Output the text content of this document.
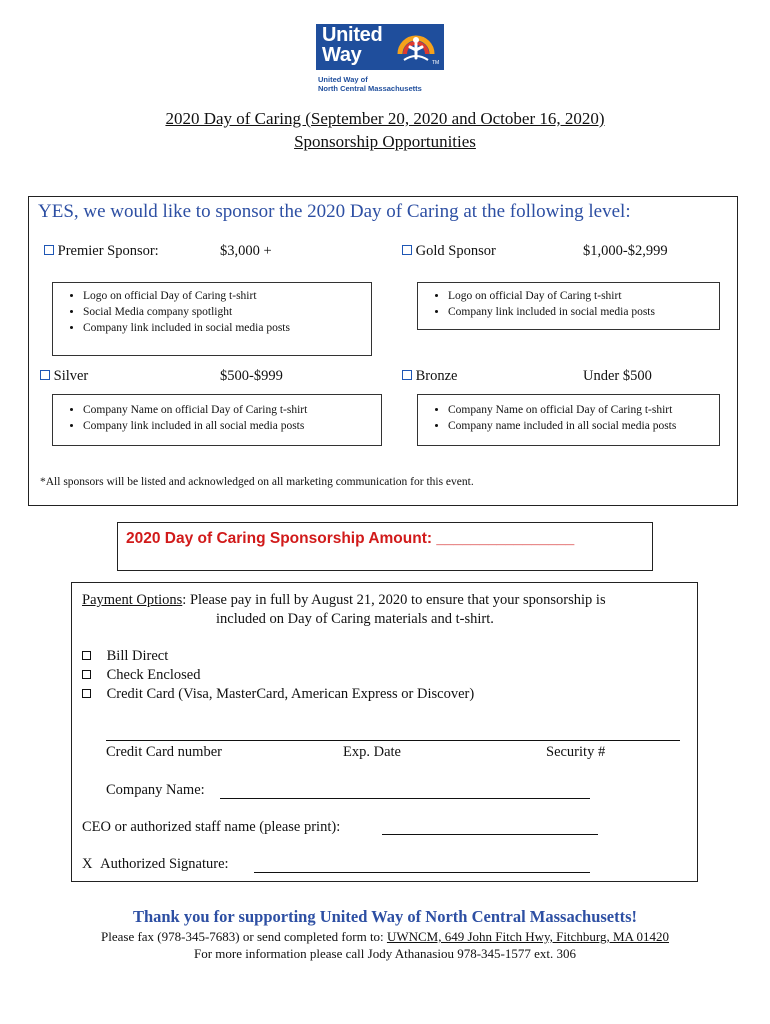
United
Way	TM
United Way of
North Central Massachusetts
2020 Day of Caring (September 20, 2020 and October 16, 2020)
Sponsorship Opportunities
YES, we would like to sponsor the 2020 Day of Caring at the following level:
Premier Sponsor:	$3,000 +
• Logo on official Day of Caring t-shirt
• Social Media company spotlight
• Company link included in social media posts
Gold Sponsor	$1,000-$2,999
• Logo on official Day of Caring t-shirt
• Company link included in social media posts
Silver	$500-$999
• Company Name on official Day of Caring t-shirt
• Company link included in all social media posts
Bronze	Under $500
• Company Name on official Day of Caring t-shirt
• Company name included in all social media posts
*All sponsors will be listed and acknowledged on all marketing communication for this event.
2020 Day of Caring Sponsorship Amount: ________________
Payment Options: Please pay in full by August 21, 2020 to ensure that your sponsorship is
included on Day of Caring materials and t-shirt.
Bill Direct
Check Enclosed
Credit Card (Visa, MasterCard, American Express or Discover)
Credit Card number	Exp. Date	Security #
Company Name:
CEO or authorized staff name (please print):
X Authorized Signature:
Thank you for supporting United Way of North Central Massachusetts!
Please fax (978-345-7683) or send completed form to: UWNCM, 649 John Fitch Hwy, Fitchburg, MA 01420
For more information please call Jody Athanasiou 978-345-1577 ext. 306
